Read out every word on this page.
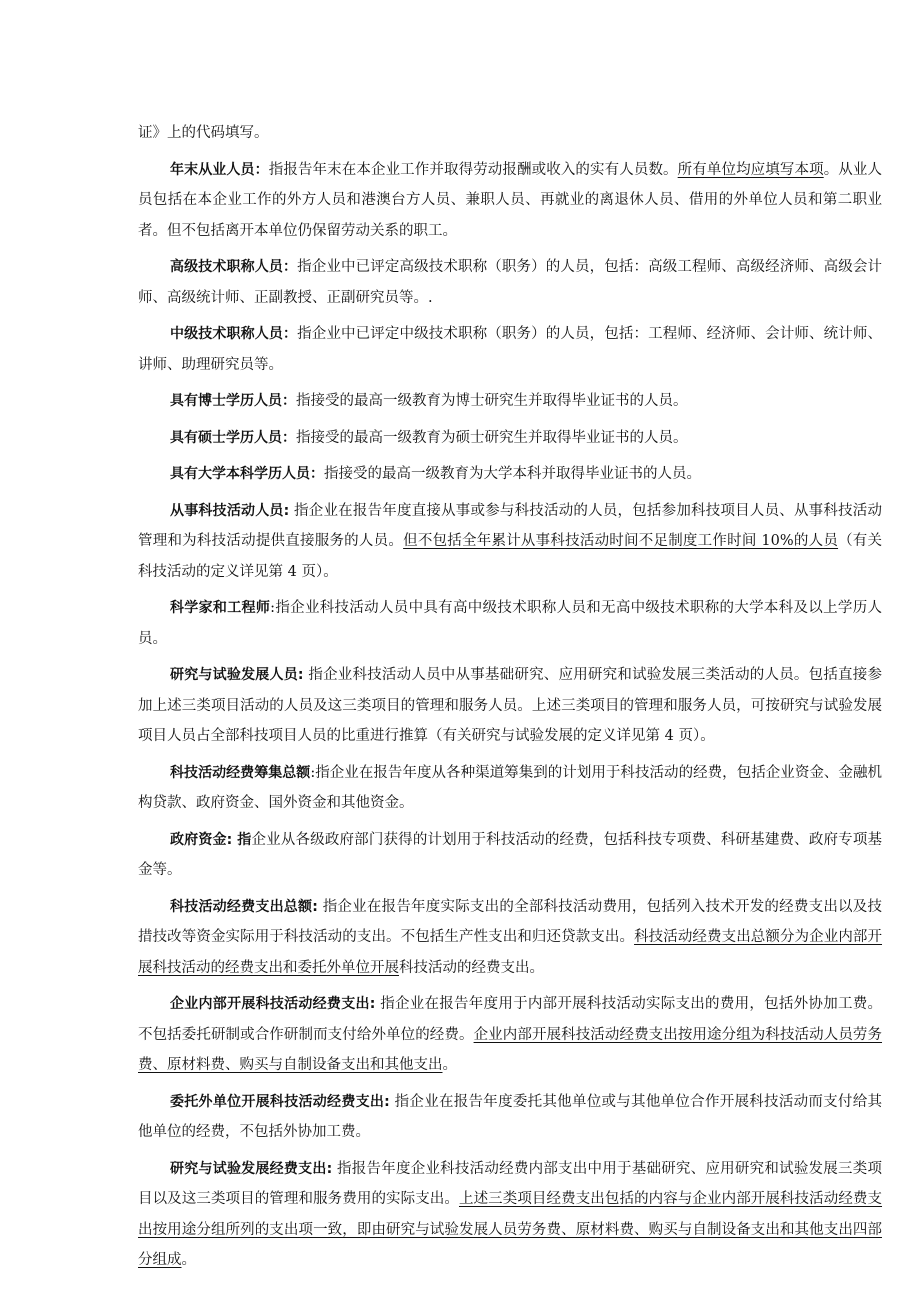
证》上的代码填写。

年末从业人员：指报告年末在本企业工作并取得劳动报酬或收入的实有人员数。所有单位均应填写本项。从业人员包括在本企业工作的外方人员和港澳台方人员、兼职人员、再就业的离退休人员、借用的外单位人员和第二职业者。但不包括离开本单位仍保留劳动关系的职工。

高级技术职称人员：指企业中已评定高级技术职称（职务）的人员，包括：高级工程师、高级经济师、高级会计师、高级统计师、正副教授、正副研究员等。.

中级技术职称人员：指企业中已评定中级技术职称（职务）的人员，包括：工程师、经济师、会计师、统计师、讲师、助理研究员等。

具有博士学历人员：指接受的最高一级教育为博士研究生并取得毕业证书的人员。

具有硕士学历人员：指接受的最高一级教育为硕士研究生并取得毕业证书的人员。

具有大学本科学历人员：指接受的最高一级教育为大学本科并取得毕业证书的人员。

从事科技活动人员: 指企业在报告年度直接从事或参与科技活动的人员，包括参加科技项目人员、从事科技活动管理和为科技活动提供直接服务的人员。但不包括全年累计从事科技活动时间不足制度工作时间 10%的人员（有关科技活动的定义详见第 4 页）。

科学家和工程师:指企业科技活动人员中具有高中级技术职称人员和无高中级技术职称的大学本科及以上学历人员。

研究与试验发展人员: 指企业科技活动人员中从事基础研究、应用研究和试验发展三类活动的人员。包括直接参加上述三类项目活动的人员及这三类项目的管理和服务人员。上述三类项目的管理和服务人员，可按研究与试验发展项目人员占全部科技项目人员的比重进行推算（有关研究与试验发展的定义详见第 4 页）。

科技活动经费筹集总额:指企业在报告年度从各种渠道筹集到的计划用于科技活动的经费，包括企业资金、金融机构贷款、政府资金、国外资金和其他资金。

政府资金: 指企业从各级政府部门获得的计划用于科技活动的经费，包括科技专项费、科研基建费、政府专项基金等。

科技活动经费支出总额: 指企业在报告年度实际支出的全部科技活动费用，包括列入技术开发的经费支出以及技措技改等资金实际用于科技活动的支出。不包括生产性支出和归还贷款支出。科技活动经费支出总额分为企业内部开展科技活动的经费支出和委托外单位开展科技活动的经费支出。

企业内部开展科技活动经费支出: 指企业在报告年度用于内部开展科技活动实际支出的费用，包括外协加工费。不包括委托研制或合作研制而支付给外单位的经费。企业内部开展科技活动经费支出按用途分组为科技活动人员劳务费、原材料费、购买与自制设备支出和其他支出。

委托外单位开展科技活动经费支出: 指企业在报告年度委托其他单位或与其他单位合作开展科技活动而支付给其他单位的经费，不包括外协加工费。

研究与试验发展经费支出: 指报告年度企业科技活动经费内部支出中用于基础研究、应用研究和试验发展三类项目以及这三类项目的管理和服务费用的实际支出。上述三类项目经费支出包括的内容与企业内部开展科技活动经费支出按用途分组所列的支出项一致，即由研究与试验发展人员劳务费、原材料费、购买与自制设备支出和其他支出四部分组成。
